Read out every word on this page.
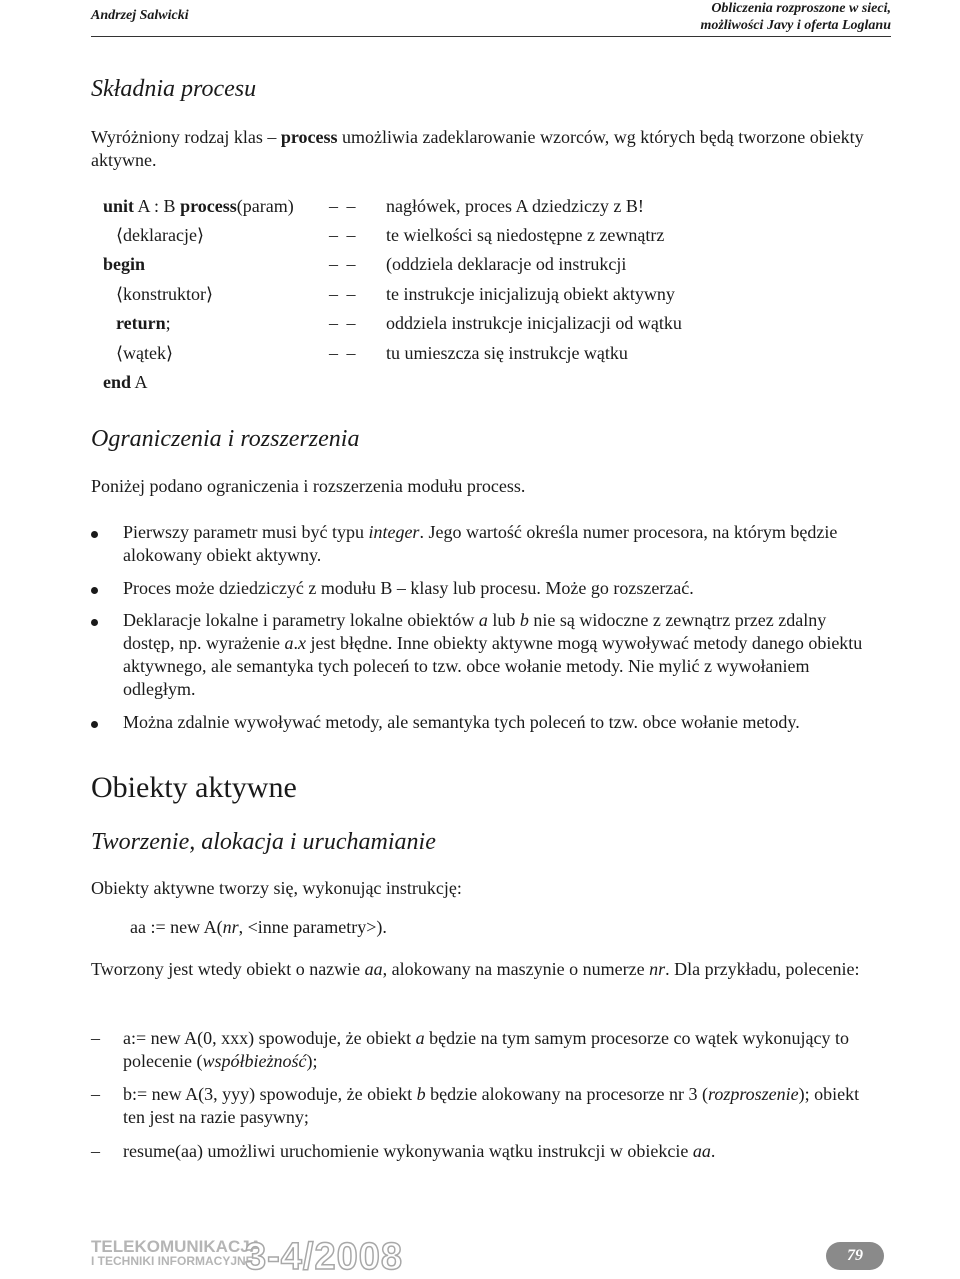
Andrzej Salwicki	Obliczenia rozproszone w sieci,
możliwości Javy i oferta Loglanu
Składnia procesu
Wyróżniony rodzaj klas – process umożliwia zadeklarowanie wzorców, wg których będą tworzone obiekty aktywne.
unit A : B process(param) – – nagłówek, proces A dziedziczy z B!
⟨deklaracje⟩	– – te wielkości są niedostępne z zewnątrz
begin	– – (oddziela deklaracje od instrukcji
⟨konstruktor⟩	– – te instrukcje inicjalizują obiekt aktywny
return;	– – oddziela instrukcje inicjalizacji od wątku
⟨wątek⟩	– – tu umieszcza się instrukcje wątku
end A
Ograniczenia i rozszerzenia
Poniżej podano ograniczenia i rozszerzenia modułu process.
Pierwszy parametr musi być typu integer. Jego wartość określa numer procesora, na którym będzie alokowany obiekt aktywny.
Proces może dziedziczyć z modułu B – klasy lub procesu. Może go rozszerzać.
Deklaracje lokalne i parametry lokalne obiektów a lub b nie są widoczne z zewnątrz przez zdalny dostęp, np. wyrażenie a.x jest błędne. Inne obiekty aktywne mogą wywoływać metody danego obiektu aktywnego, ale semantyka tych poleceń to tzw. obce wołanie metody. Nie mylić z wywołaniem odległym.
Można zdalnie wywoływać metody, ale semantyka tych poleceń to tzw. obce wołanie metody.
Obiekty aktywne
Tworzenie, alokacja i uruchamianie
Obiekty aktywne tworzy się, wykonując instrukcję:
aa := new A(nr, <inne parametry>).
Tworzony jest wtedy obiekt o nazwie aa, alokowany na maszynie o numerze nr. Dla przykładu, polecenie:
– a:= new A(0, xxx) spowoduje, że obiekt a będzie na tym samym procesorze co wątek wykonujący to polecenie (współbieżność);
– b:= new A(3, yyy) spowoduje, że obiekt b będzie alokowany na procesorze nr 3 (rozproszenie); obiekt ten jest na razie pasywny;
– resume(aa) umożliwi uruchomienie wykonywania wątku instrukcji w obiekcie aa.
TELEKOMUNIKACJA
I TECHNIKI INFORMACYJNE
3-4/2008	79
